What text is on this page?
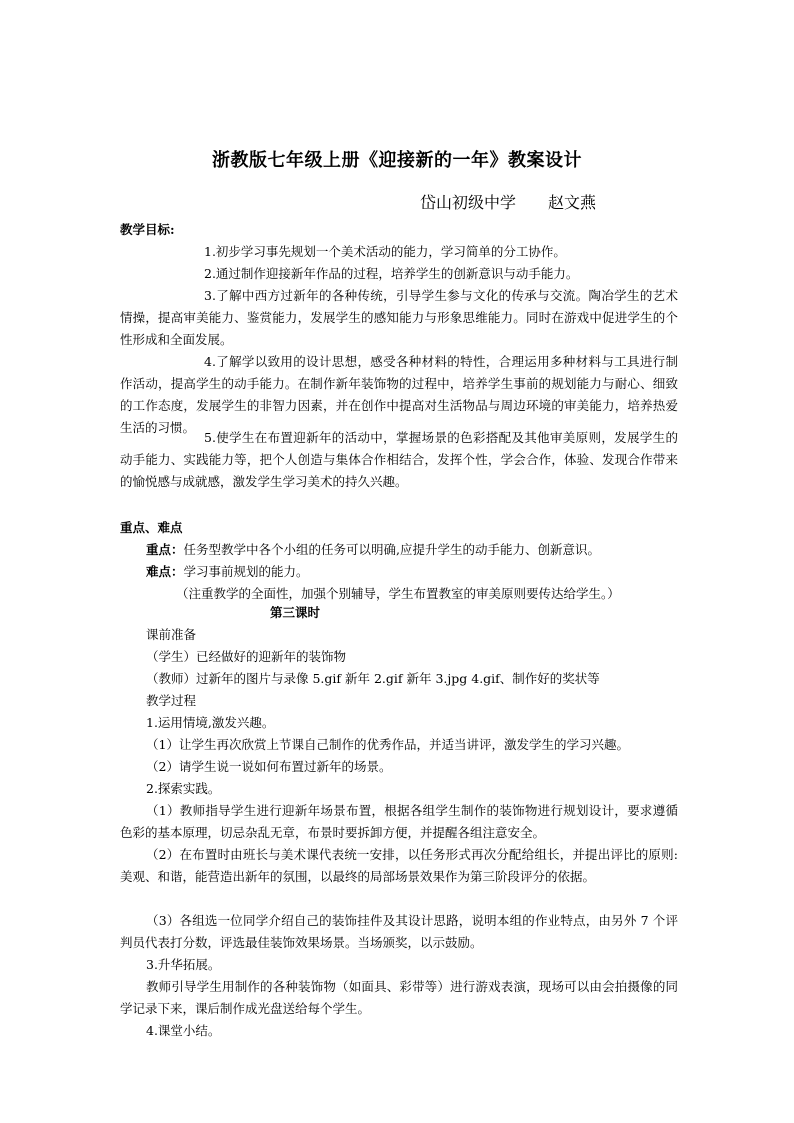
浙教版七年级上册《迎接新的一年》教案设计
岱山初级中学　　赵文燕
教学目标:
1.初步学习事先规划一个美术活动的能力，学习简单的分工协作。
2.通过制作迎接新年作品的过程，培养学生的创新意识与动手能力。
3.了解中西方过新年的各种传统，引导学生参与文化的传承与交流。陶冶学生的艺术情操，提高审美能力、鉴赏能力，发展学生的感知能力与形象思维能力。同时在游戏中促进学生的个性形成和全面发展。
4.了解学以致用的设计思想，感受各种材料的特性，合理运用多种材料与工具进行制作活动，提高学生的动手能力。在制作新年装饰物的过程中，培养学生事前的规划能力与耐心、细致的工作态度，发展学生的非智力因素，并在创作中提高对生活物品与周边环境的审美能力，培养热爱生活的习惯。
5.使学生在布置迎新年的活动中，掌握场景的色彩搭配及其他审美原则，发展学生的动手能力、实践能力等，把个人创造与集体合作相结合，发挥个性，学会合作，体验、发现合作带来的愉悦感与成就感，激发学生学习美术的持久兴趣。
重点、难点
重点：任务型教学中各个小组的任务可以明确,应提升学生的动手能力、创新意识。
难点：学习事前规划的能力。
（注重教学的全面性，加强个别辅导，学生布置教室的审美原则要传达给学生。）
第三课时
课前准备
（学生）已经做好的迎新年的装饰物
（教师）过新年的图片与录像 5.gif 新年 2.gif 新年 3.jpg 4.gif、制作好的奖状等
教学过程
1.运用情境,激发兴趣。
（1）让学生再次欣赏上节课自己制作的优秀作品，并适当讲评，激发学生的学习兴趣。
（2）请学生说一说如何布置过新年的场景。
2.探索实践。
（1）教师指导学生进行迎新年场景布置，根据各组学生制作的装饰物进行规划设计，要求遵循色彩的基本原理，切忌杂乱无章，布景时要拆卸方便，并提醒各组注意安全。
（2）在布置时由班长与美术课代表统一安排，以任务形式再次分配给组长，并提出评比的原则: 美观、和谐，能营造出新年的氛围，以最终的局部场景效果作为第三阶段评分的依据。
（3）各组选一位同学介绍自己的装饰挂件及其设计思路，说明本组的作业特点，由另外 7 个评判员代表打分数，评选最佳装饰效果场景。当场颁奖，以示鼓励。
3.升华拓展。
教师引导学生用制作的各种装饰物（如面具、彩带等）进行游戏表演，现场可以由会拍摄像的同学记录下来，课后制作成光盘送给每个学生。
4.课堂小结。
